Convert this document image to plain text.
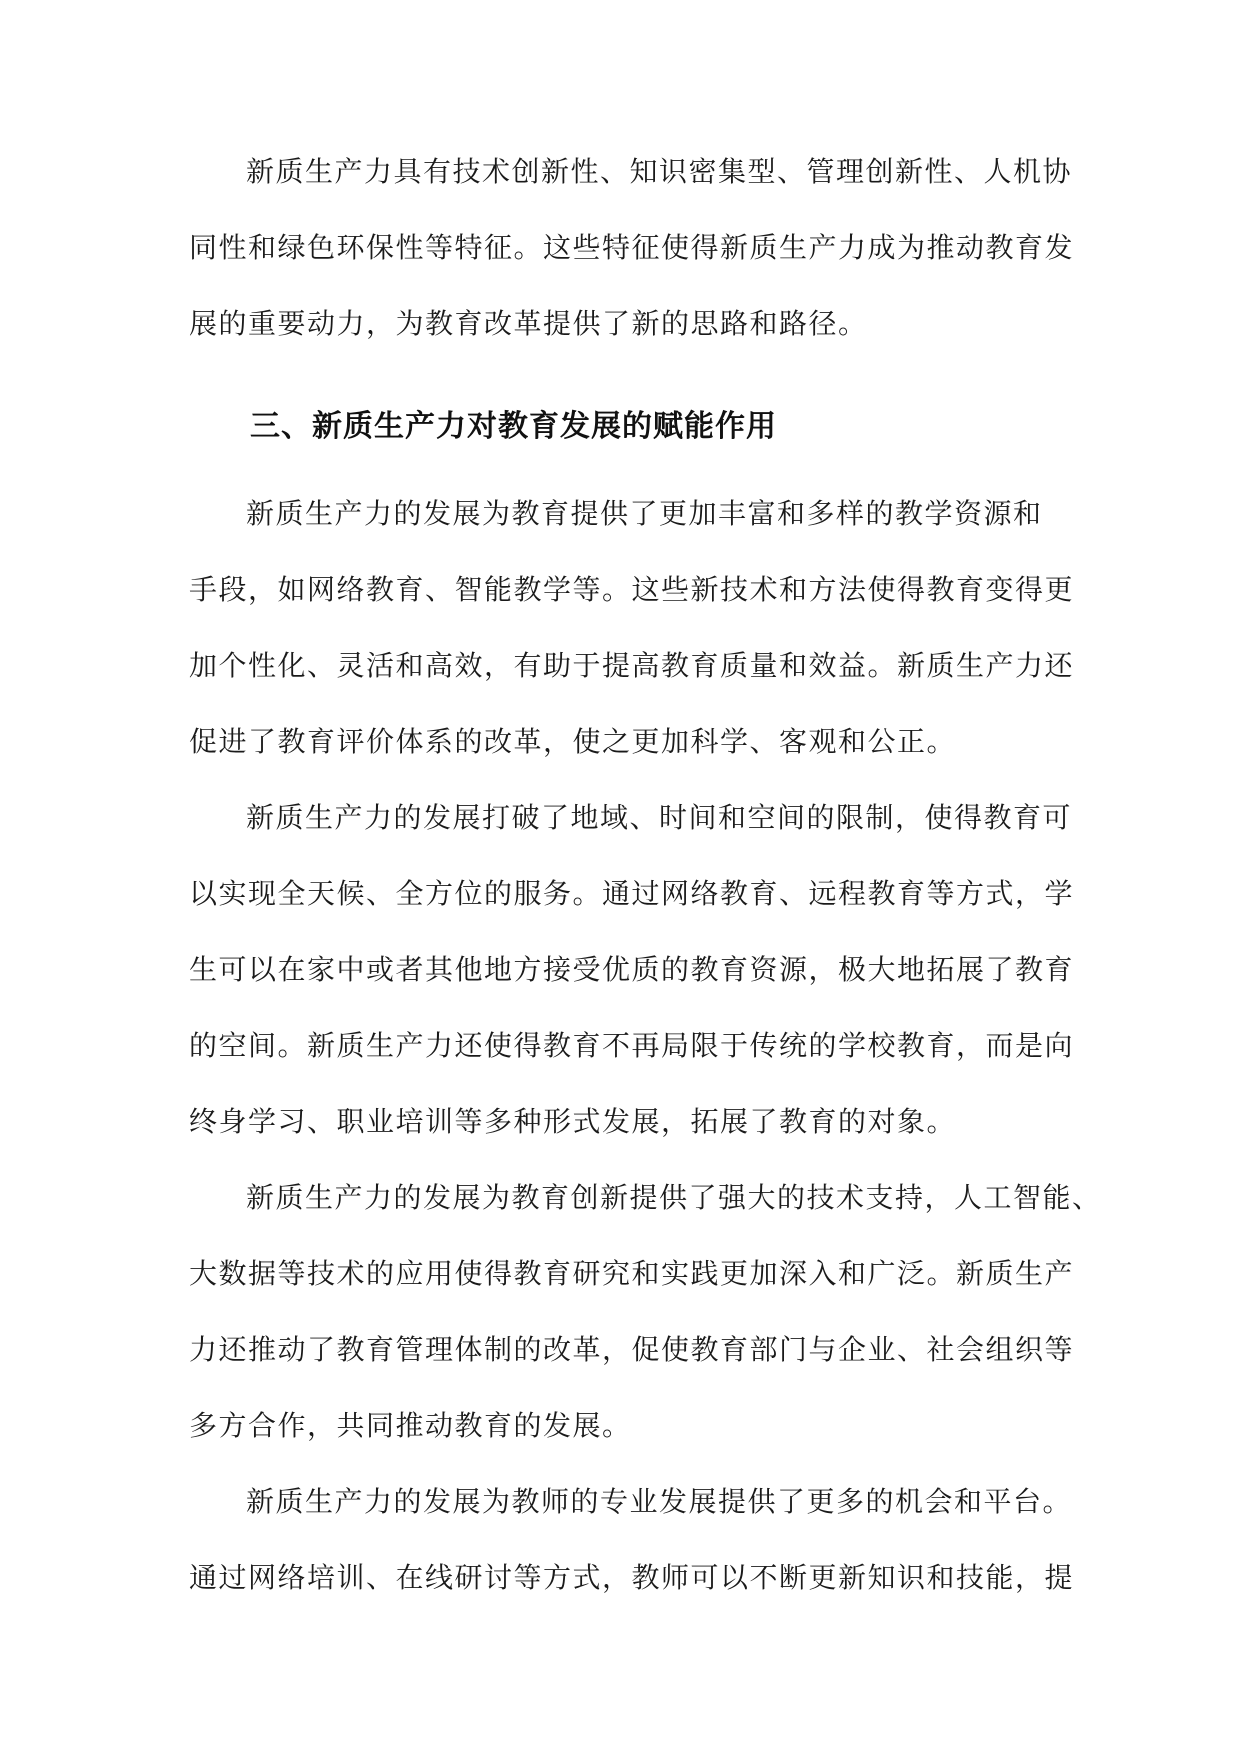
新质生产力具有技术创新性、知识密集型、管理创新性、人机协
同性和绿色环保性等特征。这些特征使得新质生产力成为推动教育发
展的重要动力，为教育改革提供了新的思路和路径。
三、新质生产力对教育发展的赋能作用
新质生产力的发展为教育提供了更加丰富和多样的教学资源和
手段，如网络教育、智能教学等。这些新技术和方法使得教育变得更
加个性化、灵活和高效，有助于提高教育质量和效益。新质生产力还
促进了教育评价体系的改革，使之更加科学、客观和公正。
新质生产力的发展打破了地域、时间和空间的限制，使得教育可
以实现全天候、全方位的服务。通过网络教育、远程教育等方式，学
生可以在家中或者其他地方接受优质的教育资源，极大地拓展了教育
的空间。新质生产力还使得教育不再局限于传统的学校教育，而是向
终身学习、职业培训等多种形式发展，拓展了教育的对象。
新质生产力的发展为教育创新提供了强大的技术支持，人工智能、
大数据等技术的应用使得教育研究和实践更加深入和广泛。新质生产
力还推动了教育管理体制的改革，促使教育部门与企业、社会组织等
多方合作，共同推动教育的发展。
新质生产力的发展为教师的专业发展提供了更多的机会和平台。
通过网络培训、在线研讨等方式，教师可以不断更新知识和技能，提
